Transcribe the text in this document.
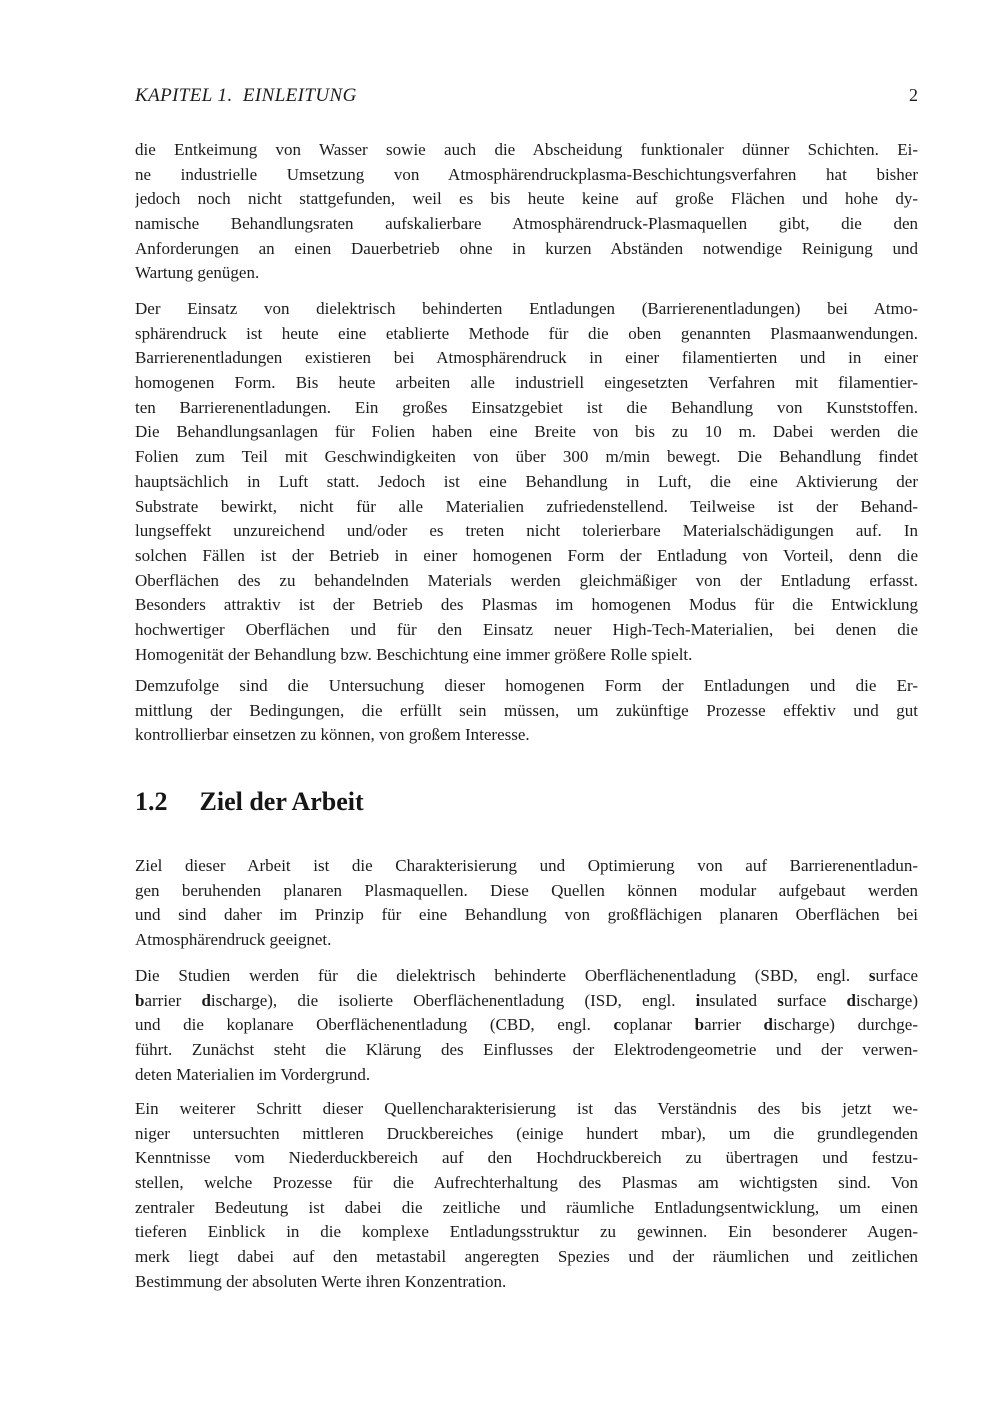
KAPITEL 1.  EINLEITUNG	2
die Entkeimung von Wasser sowie auch die Abscheidung funktionaler dünner Schichten. Ei-
ne industrielle Umsetzung von Atmosphärendruckplasma-Beschichtungsverfahren hat bisher
jedoch noch nicht stattgefunden, weil es bis heute keine auf große Flächen und hohe dy-
namische Behandlungsraten aufskalierbare Atmosphärendruck-Plasmaquellen gibt, die den
Anforderungen an einen Dauerbetrieb ohne in kurzen Abständen notwendige Reinigung und
Wartung genügen.
Der Einsatz von dielektrisch behinderten Entladungen (Barrierenentladungen) bei Atmo-
sphärendruck ist heute eine etablierte Methode für die oben genannten Plasmaanwendungen.
Barrierenentladungen existieren bei Atmosphärendruck in einer filamentierten und in einer
homogenen Form. Bis heute arbeiten alle industriell eingesetzten Verfahren mit filamentier-
ten Barrierenentladungen. Ein großes Einsatzgebiet ist die Behandlung von Kunststoffen.
Die Behandlungsanlagen für Folien haben eine Breite von bis zu 10 m. Dabei werden die
Folien zum Teil mit Geschwindigkeiten von über 300 m/min bewegt. Die Behandlung findet
hauptsächlich in Luft statt. Jedoch ist eine Behandlung in Luft, die eine Aktivierung der
Substrate bewirkt, nicht für alle Materialien zufriedenstellend. Teilweise ist der Behand-
lungseffekt unzureichend und/oder es treten nicht tolerierbare Materialschädigungen auf. In
solchen Fällen ist der Betrieb in einer homogenen Form der Entladung von Vorteil, denn die
Oberflächen des zu behandelnden Materials werden gleichmäßiger von der Entladung erfasst.
Besonders attraktiv ist der Betrieb des Plasmas im homogenen Modus für die Entwicklung
hochwertiger Oberflächen und für den Einsatz neuer High-Tech-Materialien, bei denen die
Homogenität der Behandlung bzw. Beschichtung eine immer größere Rolle spielt.
Demzufolge sind die Untersuchung dieser homogenen Form der Entladungen und die Er-
mittlung der Bedingungen, die erfüllt sein müssen, um zukünftige Prozesse effektiv und gut
kontrollierbar einsetzen zu können, von großem Interesse.
1.2 Ziel der Arbeit
Ziel dieser Arbeit ist die Charakterisierung und Optimierung von auf Barrierenentladun-
gen beruhenden planaren Plasmaquellen. Diese Quellen können modular aufgebaut werden
und sind daher im Prinzip für eine Behandlung von großflächigen planaren Oberflächen bei
Atmosphärendruck geeignet.
Die Studien werden für die dielektrisch behinderte Oberflächenentladung (SBD, engl. surface
barrier discharge), die isolierte Oberflächenentladung (ISD, engl. insulated surface discharge)
und die koplanare Oberflächenentladung (CBD, engl. coplanar barrier discharge) durchge-
führt. Zunächst steht die Klärung des Einflusses der Elektrodengeometrie und der verwen-
deten Materialien im Vordergrund.
Ein weiterer Schritt dieser Quellencharakterisierung ist das Verständnis des bis jetzt we-
niger untersuchten mittleren Druckbereiches (einige hundert mbar), um die grundlegenden
Kenntnisse vom Niederduckbereich auf den Hochdruckbereich zu übertragen und festzu-
stellen, welche Prozesse für die Aufrechterhaltung des Plasmas am wichtigsten sind. Von
zentraler Bedeutung ist dabei die zeitliche und räumliche Entladungsentwicklung, um einen
tieferen Einblick in die komplexe Entladungsstruktur zu gewinnen. Ein besonderer Augen-
merk liegt dabei auf den metastabil angeregten Spezies und der räumlichen und zeitlichen
Bestimmung der absoluten Werte ihren Konzentration.
